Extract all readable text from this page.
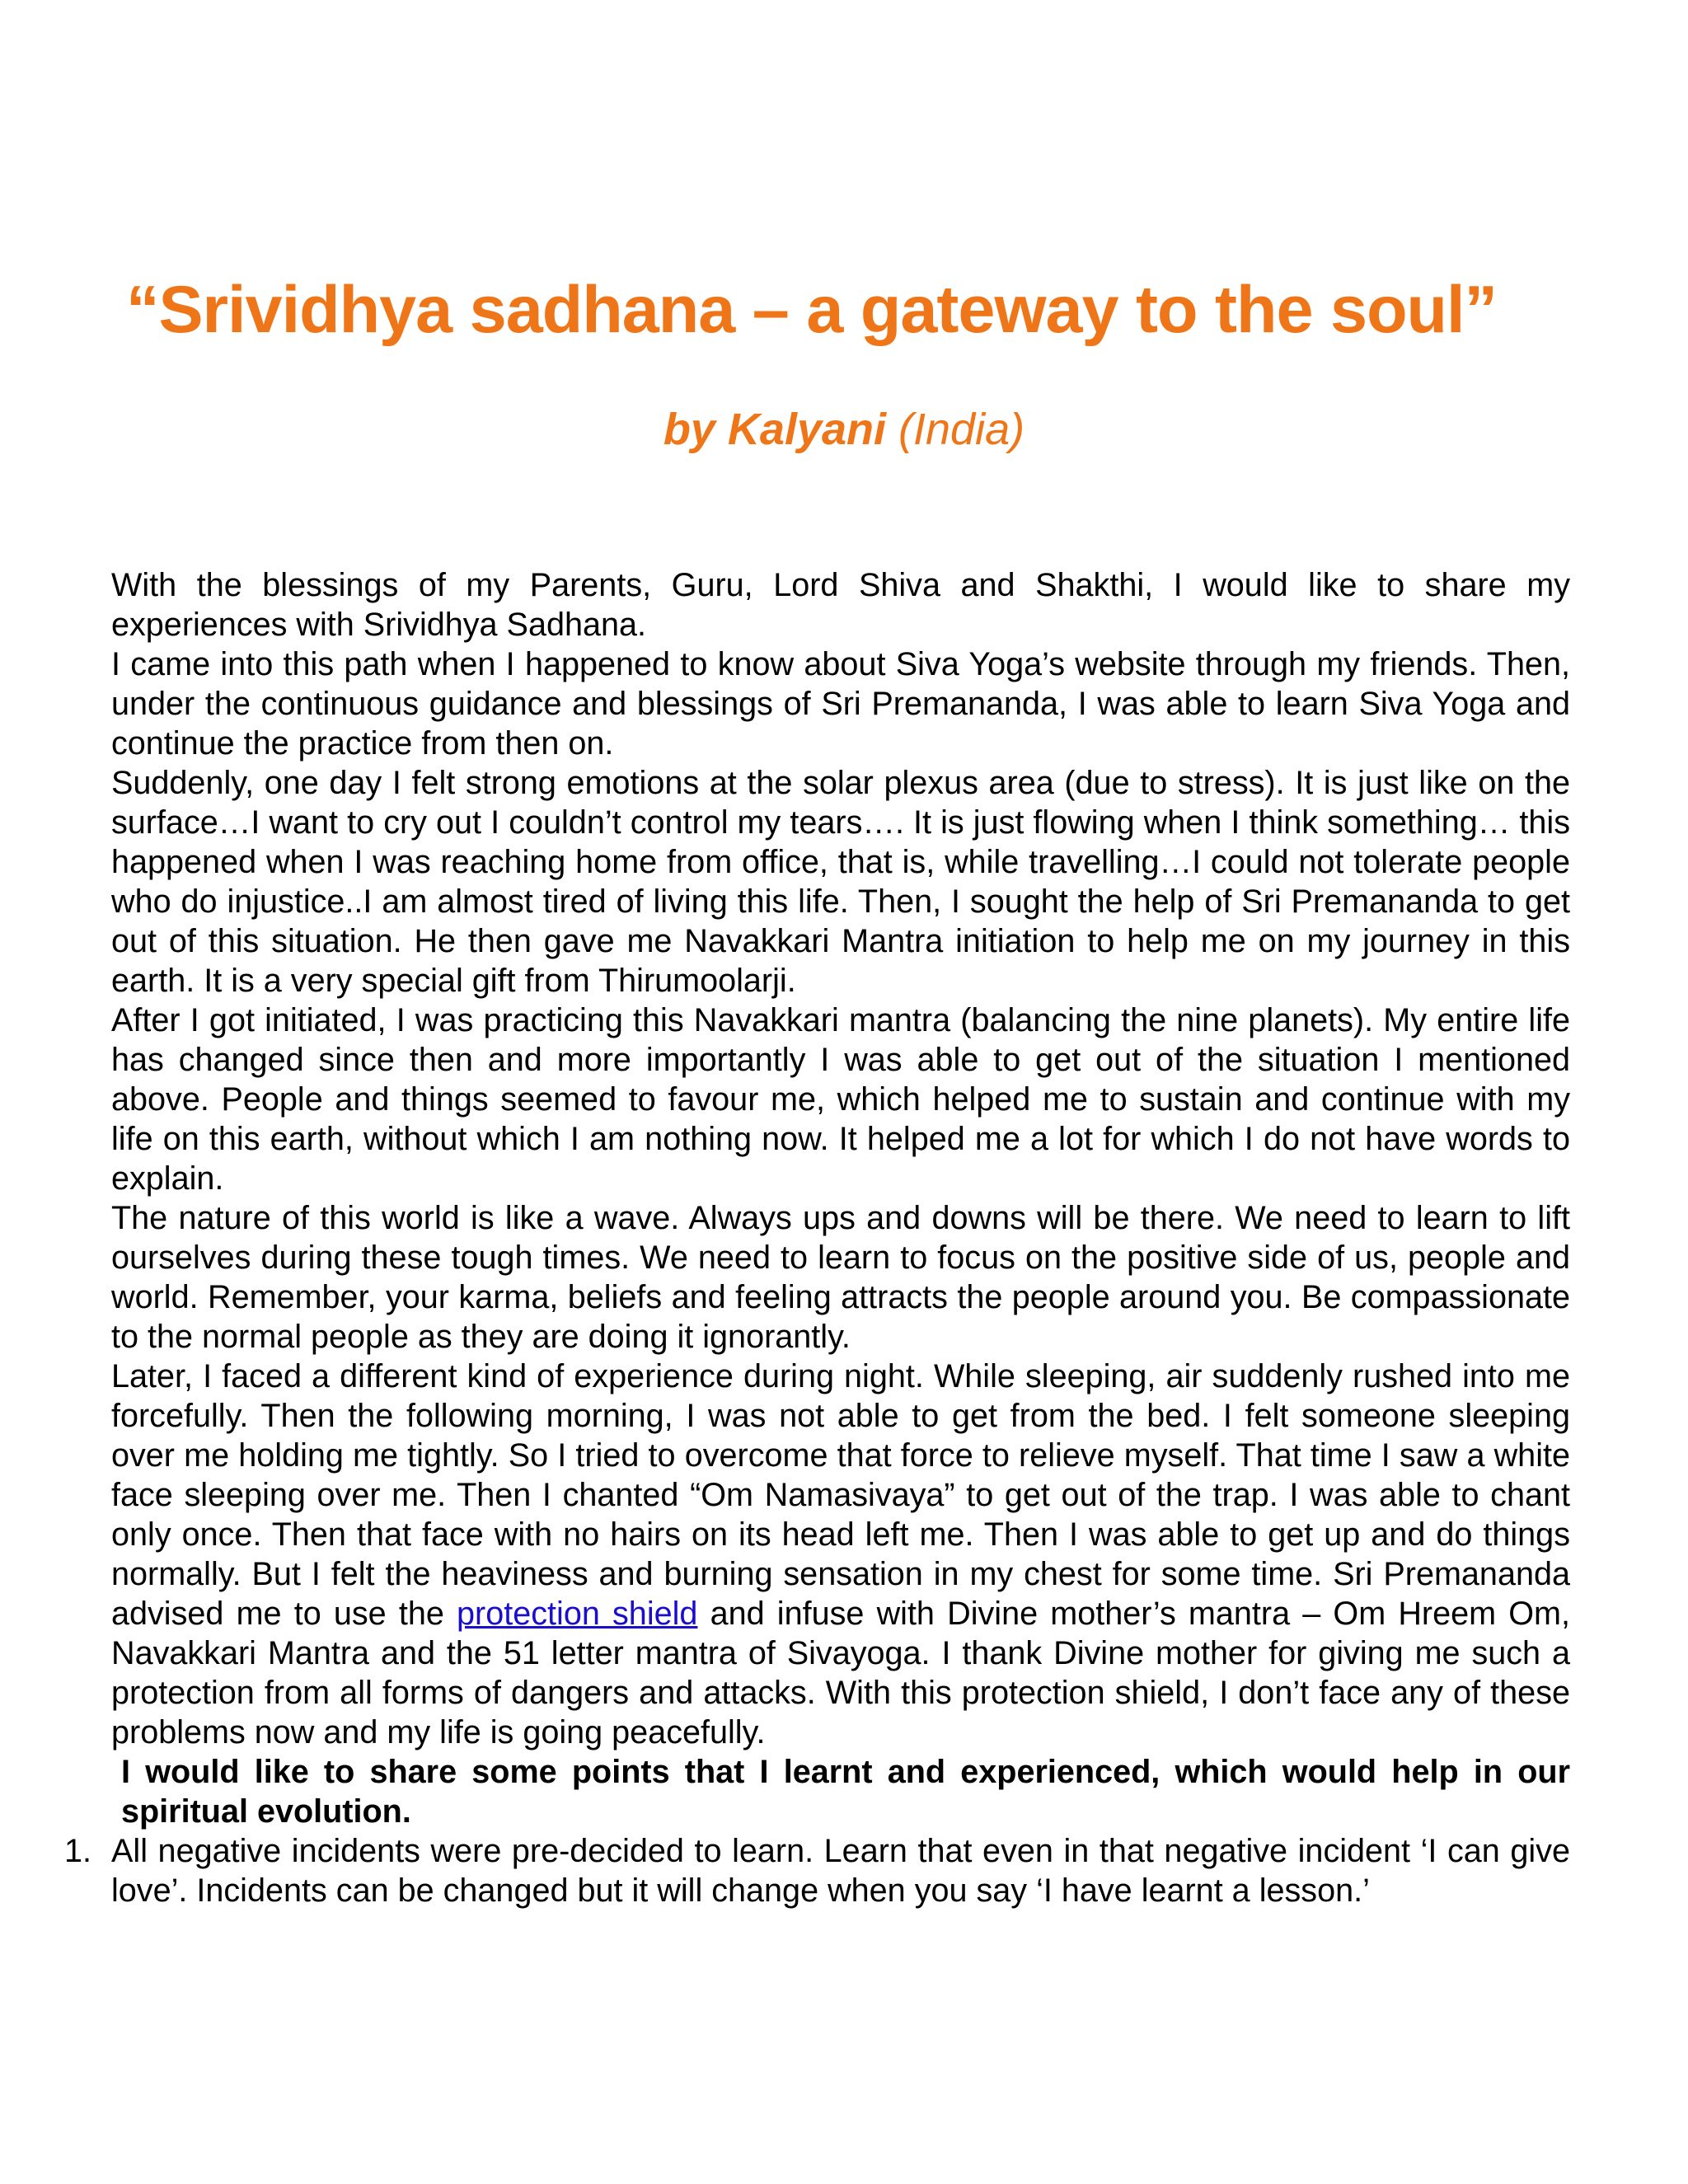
“Srividhya sadhana – a gateway to the soul”
by Kalyani (India)

With the blessings of my Parents, Guru, Lord Shiva and Shakthi, I would like to share my experiences with Srividhya Sadhana.

I came into this path when I happened to know about Siva Yoga’s website through my friends. Then, under the continuous guidance and blessings of Sri Premananda, I was able to learn Siva Yoga and continue the practice from then on.

Suddenly, one day I felt strong emotions at the solar plexus area (due to stress). It is just like on the surface…I want to cry out I couldn’t control my tears…. It is just flowing when I think something… this happened when I was reaching home from office, that is, while travelling…I could not tolerate people who do injustice..I am almost tired of living this life. Then, I sought the help of Sri Premananda to get out of this situation. He then gave me Navakkari Mantra initiation to help me on my journey in this earth. It is a very special gift from Thirumoolarji.

After I got initiated, I was practicing this Navakkari mantra (balancing the nine planets). My entire life has changed since then and more importantly I was able to get out of the situation I mentioned above. People and things seemed to favour me, which helped me to sustain and continue with my life on this earth, without which I am nothing now. It helped me a lot for which I do not have words to explain.

The nature of this world is like a wave. Always ups and downs will be there. We need to learn to lift ourselves during these tough times. We need to learn to focus on the positive side of us, people and world. Remember, your karma, beliefs and feeling attracts the people around you. Be compassionate to the normal people as they are doing it ignorantly.

Later, I faced a different kind of experience during night. While sleeping, air suddenly rushed into me forcefully. Then the following morning, I was not able to get from the bed. I felt someone sleeping over me holding me tightly. So I tried to overcome that force to relieve myself. That time I saw a white face sleeping over me. Then I chanted “Om Namasivaya” to get out of the trap. I was able to chant only once. Then that face with no hairs on its head left me. Then I was able to get up and do things normally. But I felt the heaviness and burning sensation in my chest for some time. Sri Premananda advised me to use the protection shield and infuse with Divine mother’s mantra – Om Hreem Om, Navakkari Mantra and the 51 letter mantra of Sivayoga. I thank Divine mother for giving me such a protection from all forms of dangers and attacks. With this protection shield, I don’t face any of these problems now and my life is going peacefully.

I would like to share some points that I learnt and experienced, which would help in our spiritual evolution.

1. All negative incidents were pre-decided to learn. Learn that even in that negative incident ‘I can give love’. Incidents can be changed but it will change when you say ‘I have learnt a lesson.’
